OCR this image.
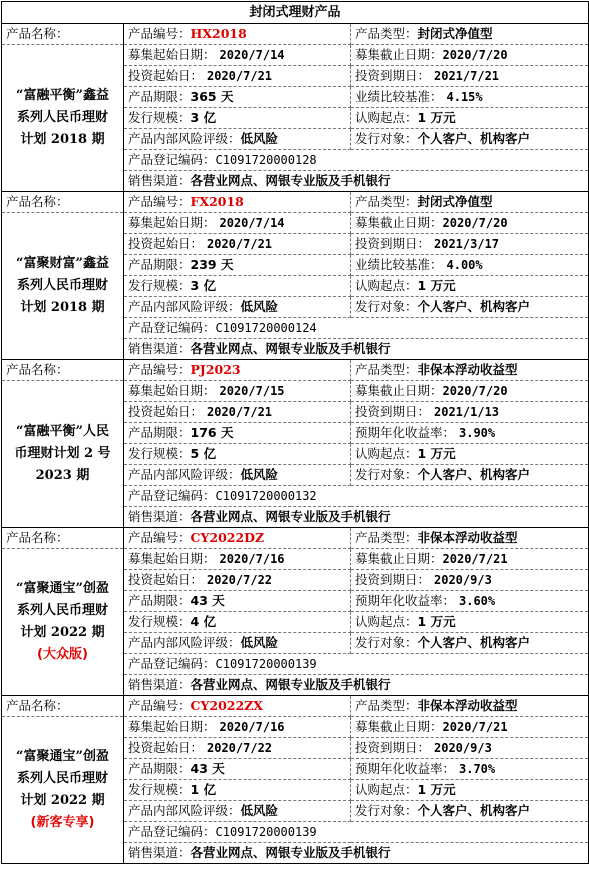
封闭式理财产品		
产品名称：	产品编号：HX2018	产品类型：封闭式净值型
“富融平衡”鑫益系列人民币理财计划 2018 期	募集起始日期： 2020/7/14	募集截止日期：2020/7/20
	投资起始日： 2020/7/21	投资到期日： 2021/7/21
	产品期限：365 天	业绩比较基准： 4.15%
	发行规模：3 亿	认购起点：1 万元
	产品内部风险评级：低风险	发行对象：个人客户、机构客户
	产品登记编码：C1091720000128	
	销售渠道：各营业网点、网银专业版及手机银行	
产品名称：	产品编号：FX2018	产品类型：封闭式净值型
“富聚财富”鑫益系列人民币理财计划 2018 期	募集起始日期： 2020/7/14	募集截止日期：2020/7/20
	投资起始日： 2020/7/21	投资到期日： 2021/3/17
	产品期限：239 天	业绩比较基准： 4.00%
	发行规模：3 亿	认购起点：1 万元
	产品内部风险评级：低风险	发行对象：个人客户、机构客户
	产品登记编码：C1091720000124	
	销售渠道：各营业网点、网银专业版及手机银行	
产品名称：	产品编号：PJ2023	产品类型：非保本浮动收益型
“富融平衡”人民币理财计划 2 号 2023 期	募集起始日期： 2020/7/15	募集截止日期：2020/7/20
	投资起始日： 2020/7/21	投资到期日： 2021/1/13
	产品期限：176 天	预期年化收益率： 3.90%
	发行规模：5 亿	认购起点：1 万元
	产品内部风险评级：低风险	发行对象：个人客户、机构客户
	产品登记编码：C1091720000132	
	销售渠道：各营业网点、网银专业版及手机银行	
产品名称：	产品编号：CY2022DZ	产品类型：非保本浮动收益型
“富聚通宝”创盈系列人民币理财计划 2022 期
(大众版)	募集起始日期： 2020/7/16	募集截止日期：2020/7/21
	投资起始日： 2020/7/22	投资到期日： 2020/9/3
	产品期限：43 天	预期年化收益率： 3.60%
	发行规模：4 亿	认购起点：1 万元
	产品内部风险评级：低风险	发行对象：个人客户、机构客户
	产品登记编码：C1091720000139	
	销售渠道：各营业网点、网银专业版及手机银行	
产品名称：	产品编号：CY2022ZX	产品类型：非保本浮动收益型
“富聚通宝”创盈系列人民币理财计划 2022 期
(新客专享)	募集起始日期： 2020/7/16	募集截止日期：2020/7/21
	投资起始日： 2020/7/22	投资到期日： 2020/9/3
	产品期限：43 天	预期年化收益率： 3.70%
	发行规模：1 亿	认购起点：1 万元
	产品内部风险评级：低风险	发行对象：个人客户、机构客户
	产品登记编码：C1091720000139	
	销售渠道：各营业网点、网银专业版及手机银行	
